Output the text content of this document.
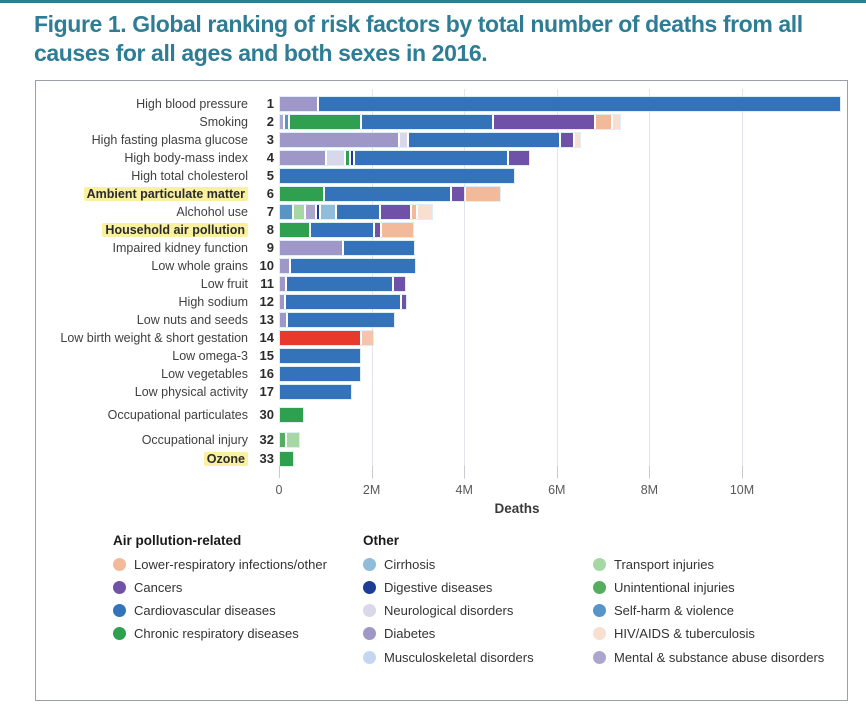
Figure 1. Global ranking of risk factors by total number of deaths from all causes for all ages and both sexes in 2016.
High blood pressure	1
Smoking	2
High fasting plasma glucose	3
High body-mass index	4
High total cholesterol	5
Ambient particulate matter	6
Alchohol use	7
Household air pollution	8
Impaired kidney function	9
Low whole grains 10
Low fruit 11
High sodium 12
Low nuts and seeds 13
Low birth weight & short gestation 14
Low omega-3 15
Low vegetables 16
Low physical activity 17
Occupational particulates 30
Occupational injury 32
Ozone	33
Deaths
0	2M	4M	6M	8M	10M
Air pollution-related	Other
Lower-respiratory infections/other
Cancers
Cardiovascular diseases
Chronic respiratory diseases
Cirrhosis
Digestive diseases
Neurological disorders
Diabetes
Musculoskeletal disorders
Transport injuries
Unintentional injuries
Self-harm & violence
HIV/AIDS & tuberculosis
Mental & substance abuse disorders
